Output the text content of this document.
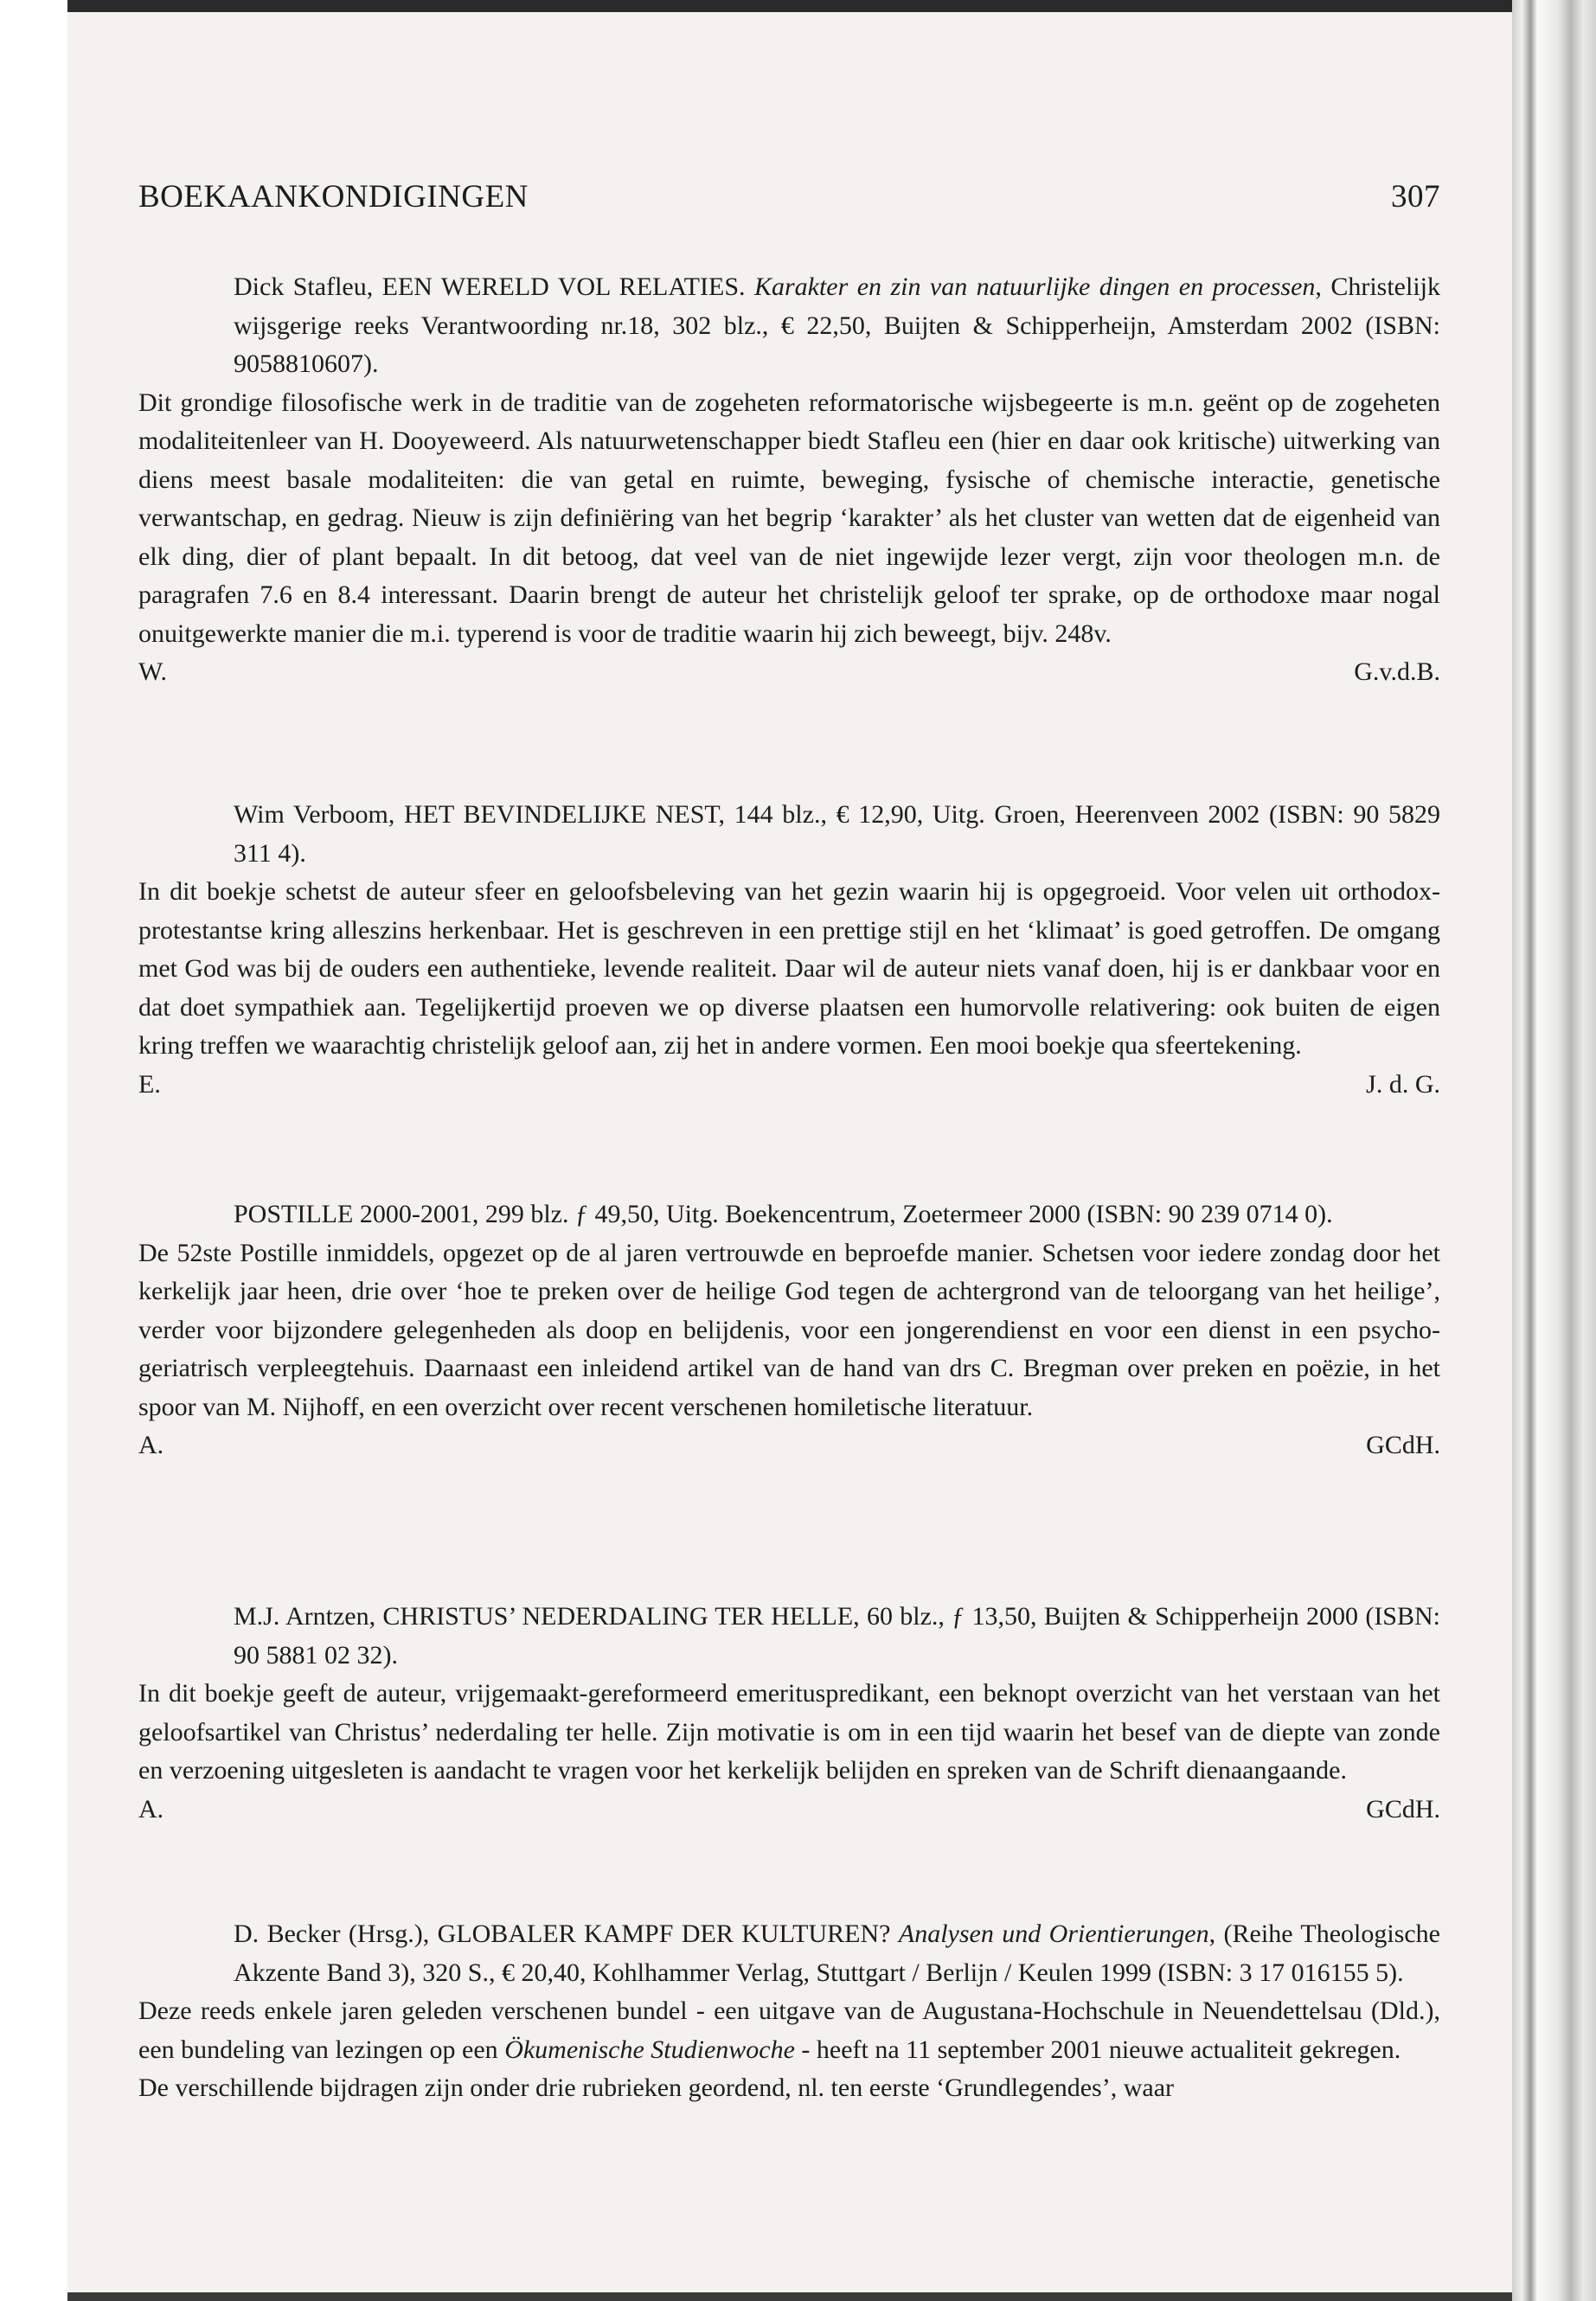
BOEKAANKONDIGINGEN	307
Dick Stafleu, EEN WERELD VOL RELATIES. Karakter en zin van natuurlijke dingen en processen, Christelijk wijsgerige reeks Verantwoording nr.18, 302 blz., € 22,50, Buijten & Schipperheijn, Amsterdam 2002 (ISBN: 9058810607).

Dit grondige filosofische werk in de traditie van de zogeheten reformatorische wijsbegeerte is m.n. geënt op de zogeheten modaliteitenleer van H. Dooyeweerd. Als natuurwetenschapper biedt Stafleu een (hier en daar ook kritische) uitwerking van diens meest basale modaliteiten: die van getal en ruimte, beweging, fysische of chemische interactie, genetische verwantschap, en gedrag. Nieuw is zijn definiëring van het begrip ‘karakter’ als het cluster van wetten dat de eigenheid van elk ding, dier of plant bepaalt. In dit betoog, dat veel van de niet ingewijde lezer vergt, zijn voor theologen m.n. de paragrafen 7.6 en 8.4 interessant. Daarin brengt de auteur het christelijk geloof ter sprake, op de orthodoxe maar nogal onuitgewerkte manier die m.i. typerend is voor de traditie waarin hij zich beweegt, bijv. 248v.

W.	G.v.d.B.
Wim Verboom, HET BEVINDELIJKE NEST, 144 blz., € 12,90, Uitg. Groen, Heerenveen 2002 (ISBN: 90 5829 311 4).

In dit boekje schetst de auteur sfeer en geloofsbeleving van het gezin waarin hij is opgegroeid. Voor velen uit orthodox-protestantse kring alleszins herkenbaar. Het is geschreven in een prettige stijl en het ‘klimaat’ is goed getroffen. De omgang met God was bij de ouders een authentieke, levende realiteit. Daar wil de auteur niets vanaf doen, hij is er dankbaar voor en dat doet sympathiek aan. Tegelijkertijd proeven we op diverse plaatsen een humorvolle relativering: ook buiten de eigen kring treffen we waarachtig christelijk geloof aan, zij het in andere vormen. Een mooi boekje qua sfeertekening.

E.	J. d. G.
POSTILLE 2000-2001, 299 blz. ƒ 49,50, Uitg. Boekencentrum, Zoetermeer 2000 (ISBN: 90 239 0714 0).

De 52ste Postille inmiddels, opgezet op de al jaren vertrouwde en beproefde manier. Schetsen voor iedere zondag door het kerkelijk jaar heen, drie over ‘hoe te preken over de heilige God tegen de achtergrond van de teloorgang van het heilige’, verder voor bijzondere gelegenheden als doop en belijdenis, voor een jongerendienst en voor een dienst in een psycho-geriatrisch verpleegtehuis. Daarnaast een inleidend artikel van de hand van drs C. Bregman over preken en poëzie, in het spoor van M. Nijhoff, en een overzicht over recent verschenen homiletische literatuur.

A.	GCdH.
M.J. Arntzen, CHRISTUS’ NEDERDALING TER HELLE, 60 blz., ƒ 13,50, Buijten & Schipperheijn 2000 (ISBN: 90 5881 02 32).

In dit boekje geeft de auteur, vrijgemaakt-gereformeerd emerituspredikant, een beknopt overzicht van het verstaan van het geloofsartikel van Christus’ nederdaling ter helle. Zijn motivatie is om in een tijd waarin het besef van de diepte van zonde en verzoening uitgesleten is aandacht te vragen voor het kerkelijk belijden en spreken van de Schrift dienaangaande.

A.	GCdH.
D. Becker (Hrsg.), GLOBALER KAMPF DER KULTUREN? Analysen und Orientierungen, (Reihe Theologische Akzente Band 3), 320 S., € 20,40, Kohlhammer Verlag, Stuttgart / Berlijn / Keulen 1999 (ISBN: 3 17 016155 5).

Deze reeds enkele jaren geleden verschenen bundel - een uitgave van de Augustana-Hochschule in Neuendettelsau (Dld.), een bundeling van lezingen op een Ökumenische Studienwoche - heeft na 11 september 2001 nieuwe actualiteit gekregen.

De verschillende bijdragen zijn onder drie rubrieken geordend, nl. ten eerste ‘Grundlegendes’, waar
